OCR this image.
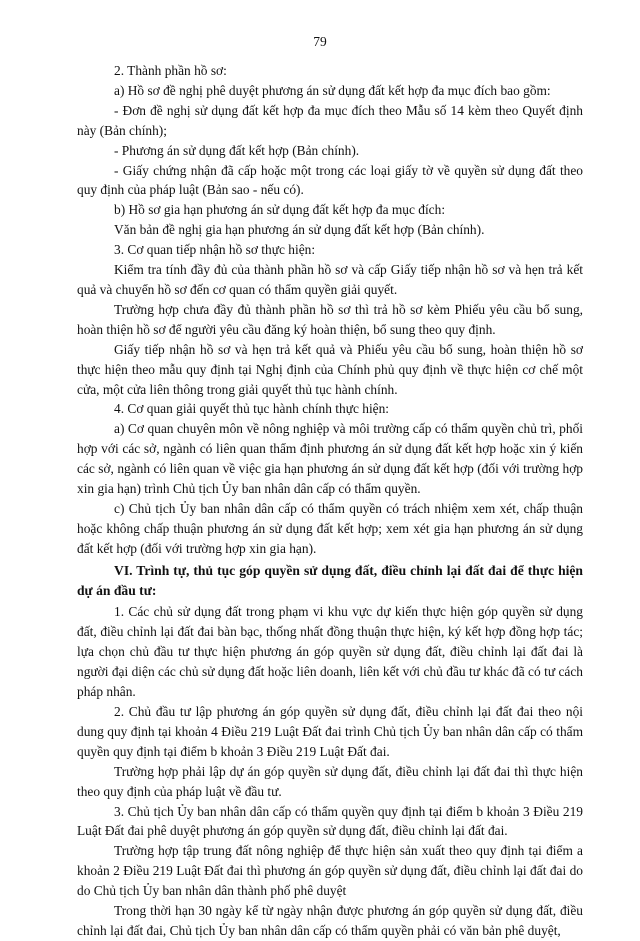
79

2. Thành phần hồ sơ:

a) Hồ sơ đề nghị phê duyệt phương án sử dụng đất kết hợp đa mục đích bao gồm:

- Đơn đề nghị sử dụng đất kết hợp đa mục đích theo Mẫu số 14 kèm theo Quyết định này (Bản chính);

- Phương án sử dụng đất kết hợp (Bản chính).

- Giấy chứng nhận đã cấp hoặc một trong các loại giấy tờ về quyền sử dụng đất theo quy định của pháp luật (Bản sao - nếu có).

b) Hồ sơ gia hạn phương án sử dụng đất kết hợp đa mục đích:

Văn bản đề nghị gia hạn phương án sử dụng đất kết hợp (Bản chính).

3. Cơ quan tiếp nhận hồ sơ thực hiện:

Kiểm tra tính đầy đủ của thành phần hồ sơ và cấp Giấy tiếp nhận hồ sơ và hẹn trả kết quả và chuyển hồ sơ đến cơ quan có thẩm quyền giải quyết.

Trường hợp chưa đầy đủ thành phần hồ sơ thì trả hồ sơ kèm Phiếu yêu cầu bổ sung, hoàn thiện hồ sơ để người yêu cầu đăng ký hoàn thiện, bổ sung theo quy định.

Giấy tiếp nhận hồ sơ và hẹn trả kết quả và Phiếu yêu cầu bổ sung, hoàn thiện hồ sơ thực hiện theo mẫu quy định tại Nghị định của Chính phủ quy định về thực hiện cơ chế một cửa, một cửa liên thông trong giải quyết thủ tục hành chính.

4. Cơ quan giải quyết thủ tục hành chính thực hiện:

a) Cơ quan chuyên môn về nông nghiệp và môi trường cấp có thẩm quyền chủ trì, phối hợp với các sở, ngành có liên quan thẩm định phương án sử dụng đất kết hợp hoặc xin ý kiến các sở, ngành có liên quan về việc gia hạn phương án sử dụng đất kết hợp (đối với trường hợp xin gia hạn) trình Chủ tịch Ủy ban nhân dân cấp có thẩm quyền.

c) Chủ tịch Ủy ban nhân dân cấp có thẩm quyền có trách nhiệm xem xét, chấp thuận hoặc không chấp thuận phương án sử dụng đất kết hợp; xem xét gia hạn phương án sử dụng đất kết hợp (đối với trường hợp xin gia hạn).

VI. Trình tự, thủ tục góp quyền sử dụng đất, điều chỉnh lại đất đai để thực hiện dự án đầu tư:

1. Các chủ sử dụng đất trong phạm vi khu vực dự kiến thực hiện góp quyền sử dụng đất, điều chỉnh lại đất đai bàn bạc, thống nhất đồng thuận thực hiện, ký kết hợp đồng hợp tác; lựa chọn chủ đầu tư thực hiện phương án góp quyền sử dụng đất, điều chỉnh lại đất đai là người đại diện các chủ sử dụng đất hoặc liên doanh, liên kết với chủ đầu tư khác đã có tư cách pháp nhân.

2. Chủ đầu tư lập phương án góp quyền sử dụng đất, điều chỉnh lại đất đai theo nội dung quy định tại khoản 4 Điều 219 Luật Đất đai trình Chủ tịch Ủy ban nhân dân cấp có thẩm quyền quy định tại điểm b khoản 3 Điều 219 Luật Đất đai.

Trường hợp phải lập dự án góp quyền sử dụng đất, điều chỉnh lại đất đai thì thực hiện theo quy định của pháp luật về đầu tư.

3. Chủ tịch Ủy ban nhân dân cấp có thẩm quyền quy định tại điểm b khoản 3 Điều 219 Luật Đất đai phê duyệt phương án góp quyền sử dụng đất, điều chỉnh lại đất đai.

Trường hợp tập trung đất nông nghiệp để thực hiện sản xuất theo quy định tại điểm a khoản 2 Điều 219 Luật Đất đai thì phương án góp quyền sử dụng đất, điều chỉnh lại đất đai do do Chủ tịch Ủy ban nhân dân thành phố phê duyệt

Trong thời hạn 30 ngày kể từ ngày nhận được phương án góp quyền sử dụng đất, điều chỉnh lại đất đai, Chủ tịch Ủy ban nhân dân cấp có thẩm quyền phải có văn bản phê duyệt,
